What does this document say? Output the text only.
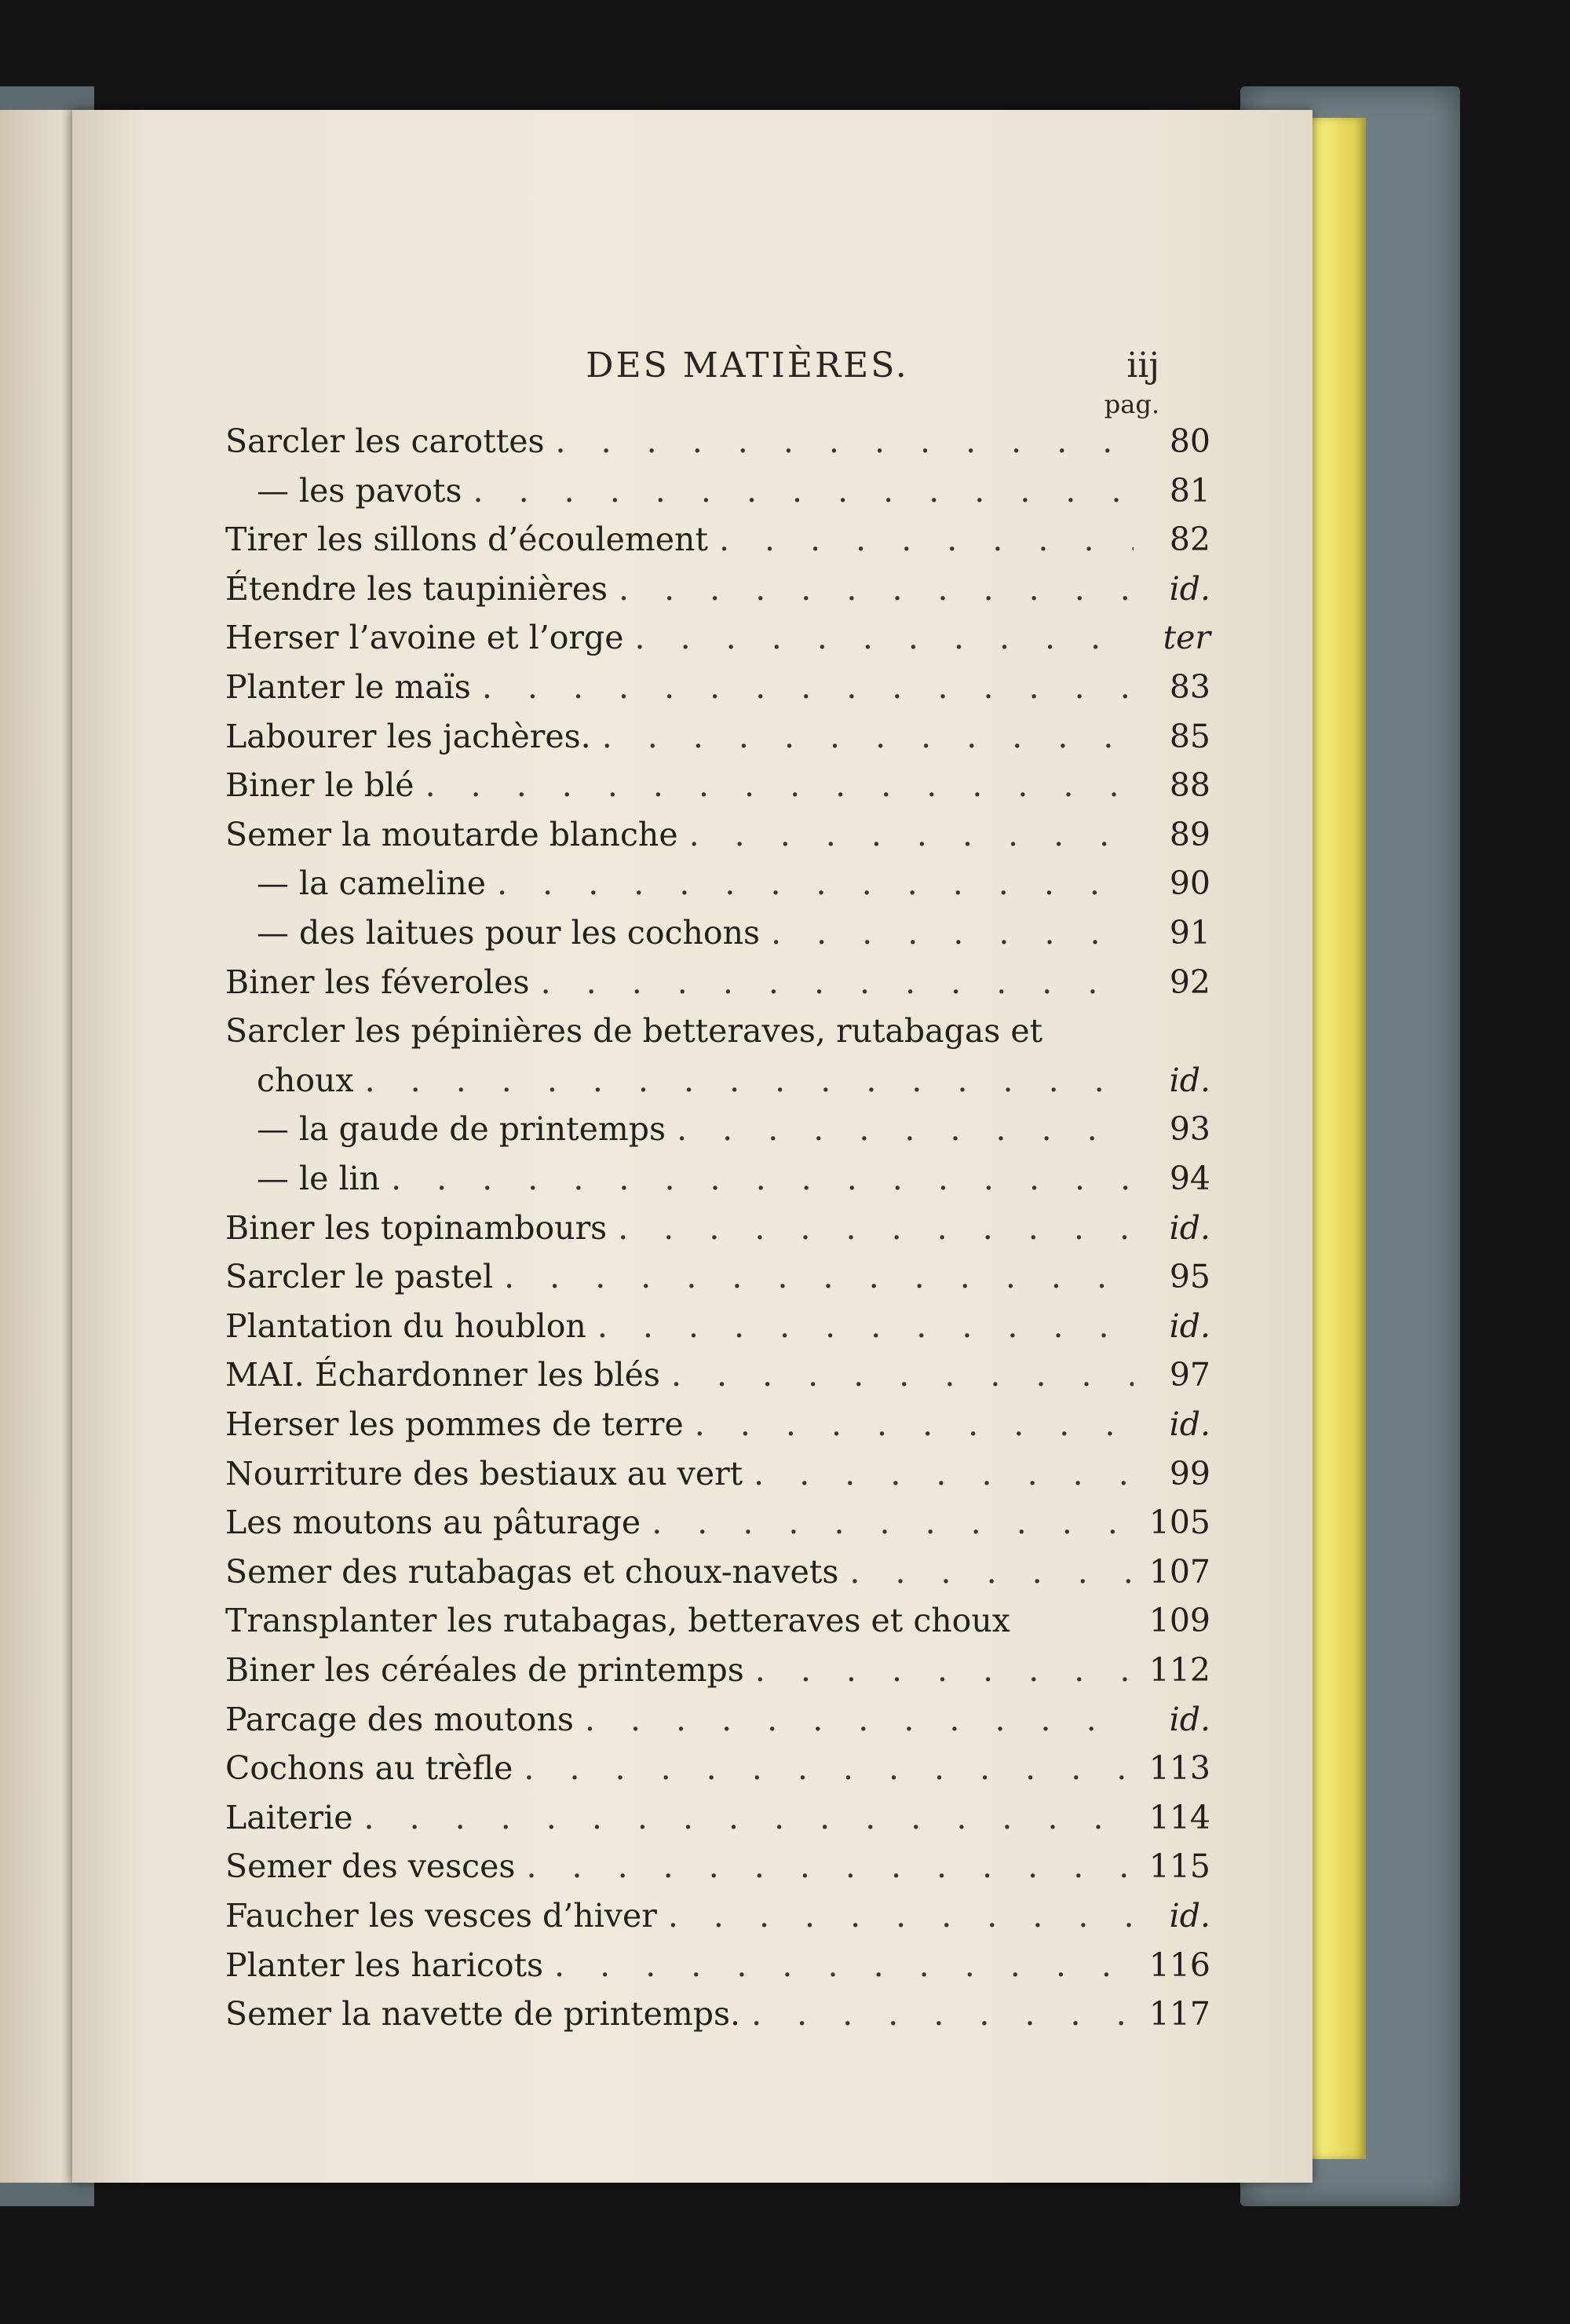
DES MATIÈRES.	iij
pag.
Sarcler les carottes . . .	80
— les pavots . . .	81
Tirer les sillons d’écoulement . . .	82
Étendre les taupinières . . .	id.
Herser l’avoine et l’orge . . .	ter
Planter le maïs . . .	83
Labourer les jachères. . . .	85
Biner le blé . . .	88
Semer la moutarde blanche . . .	89
— la cameline . . .	90
— des laitues pour les cochons . . .	91
Biner les féveroles . . .	92
Sarcler les pépinières de betteraves, rutabagas et
choux . . .	id.
— la gaude de printemps . . .	93
— le lin . . .	94
Biner les topinambours . . .	id.
Sarcler le pastel . . .	95
Plantation du houblon . . .	id.
MAI. Échardonner les blés . . .	97
Herser les pommes de terre . . .	id.
Nourriture des bestiaux au vert . . .	99
Les moutons au pâturage . . .	105
Semer des rutabagas et choux-navets . . .	107
Transplanter les rutabagas, betteraves et choux	109
Biner les céréales de printemps . . .	112
Parcage des moutons . . .	id.
Cochons au trèfle . . .	113
Laiterie . . .	114
Semer des vesces . . .	115
Faucher les vesces d’hiver . . .	id.
Planter les haricots . . .	116
Semer la navette de printemps. . . .	117
